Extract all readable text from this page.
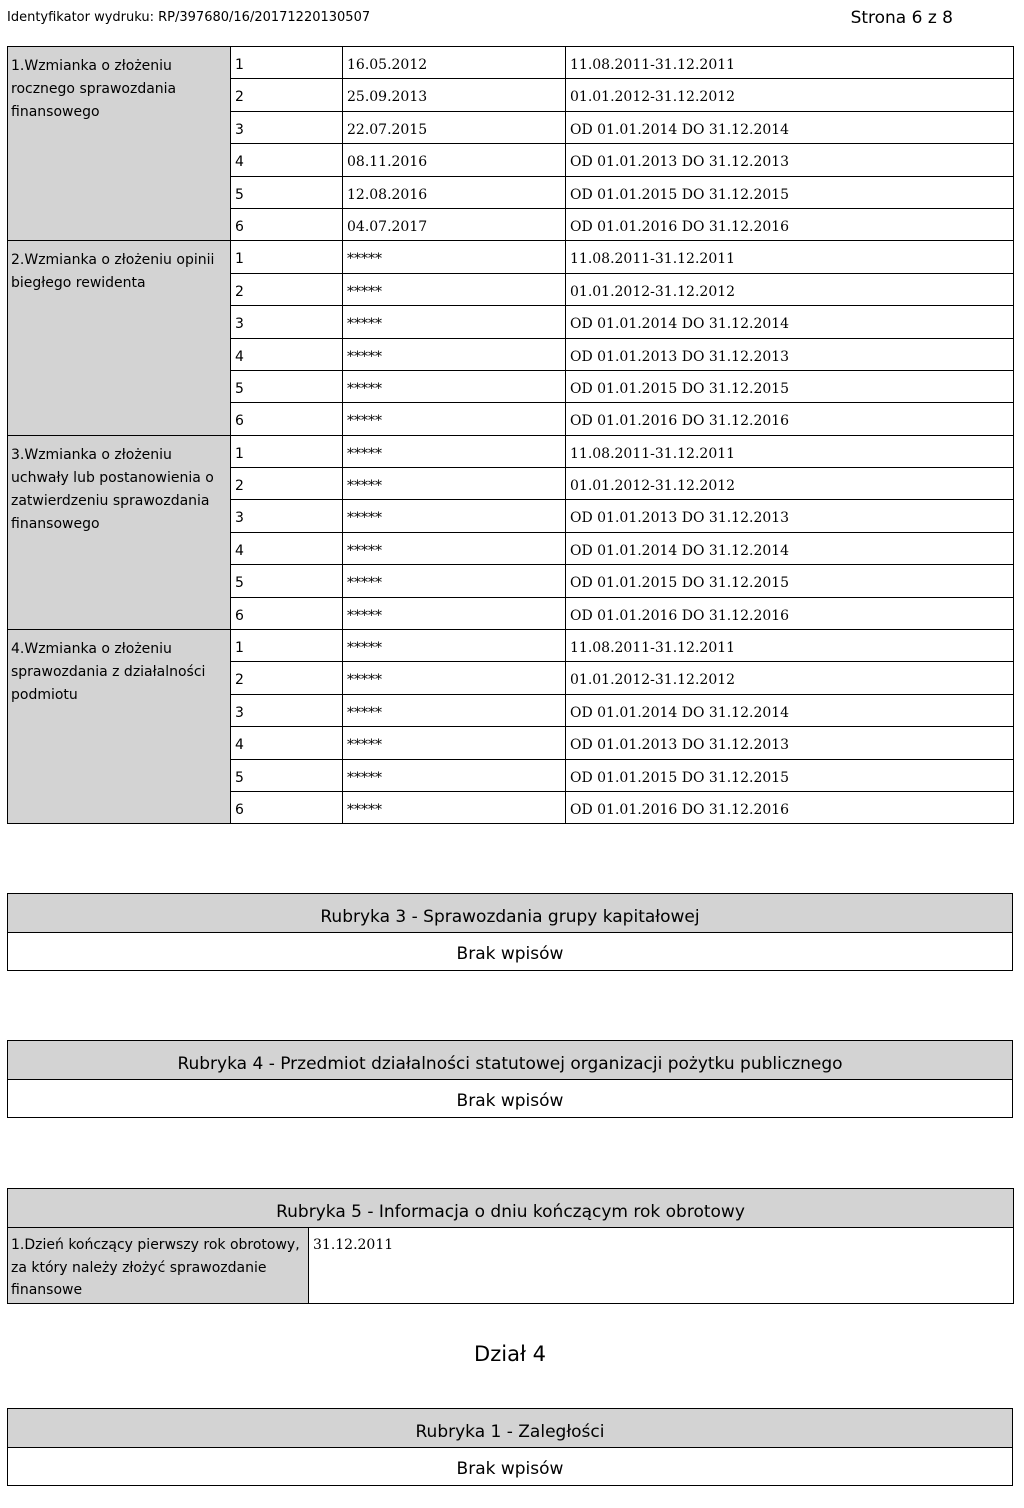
Identyfikator wydruku: RP/397680/16/20171220130507	Strona 6 z 8
1.Wzmianka o złożeniu rocznego sprawozdania finansowego	1	16.05.2012	11.08.2011-31.12.2011
	2	25.09.2013	01.01.2012-31.12.2012
	3	22.07.2015	OD 01.01.2014 DO 31.12.2014
	4	08.11.2016	OD 01.01.2013 DO 31.12.2013
	5	12.08.2016	OD 01.01.2015 DO 31.12.2015
	6	04.07.2017	OD 01.01.2016 DO 31.12.2016
2.Wzmianka o złożeniu opinii biegłego rewidenta	1	*****	11.08.2011-31.12.2011
	2	*****	01.01.2012-31.12.2012
	3	*****	OD 01.01.2014 DO 31.12.2014
	4	*****	OD 01.01.2013 DO 31.12.2013
	5	*****	OD 01.01.2015 DO 31.12.2015
	6	*****	OD 01.01.2016 DO 31.12.2016
3.Wzmianka o złożeniu uchwały lub postanowienia o zatwierdzeniu sprawozdania finansowego	1	*****	11.08.2011-31.12.2011
	2	*****	01.01.2012-31.12.2012
	3	*****	OD 01.01.2013 DO 31.12.2013
	4	*****	OD 01.01.2014 DO 31.12.2014
	5	*****	OD 01.01.2015 DO 31.12.2015
	6	*****	OD 01.01.2016 DO 31.12.2016
4.Wzmianka o złożeniu sprawozdania z działalności podmiotu	1	*****	11.08.2011-31.12.2011
	2	*****	01.01.2012-31.12.2012
	3	*****	OD 01.01.2014 DO 31.12.2014
	4	*****	OD 01.01.2013 DO 31.12.2013
	5	*****	OD 01.01.2015 DO 31.12.2015
	6	*****	OD 01.01.2016 DO 31.12.2016
Rubryka 3 - Sprawozdania grupy kapitałowej
Brak wpisów
Rubryka 4 - Przedmiot działalności statutowej organizacji pożytku publicznego
Brak wpisów
Rubryka 5 - Informacja o dniu kończącym rok obrotowy
1.Dzień kończący pierwszy rok obrotowy, za który należy złożyć sprawozdanie finansowe	31.12.2011
Dział 4
Rubryka 1 - Zaległości
Brak wpisów
